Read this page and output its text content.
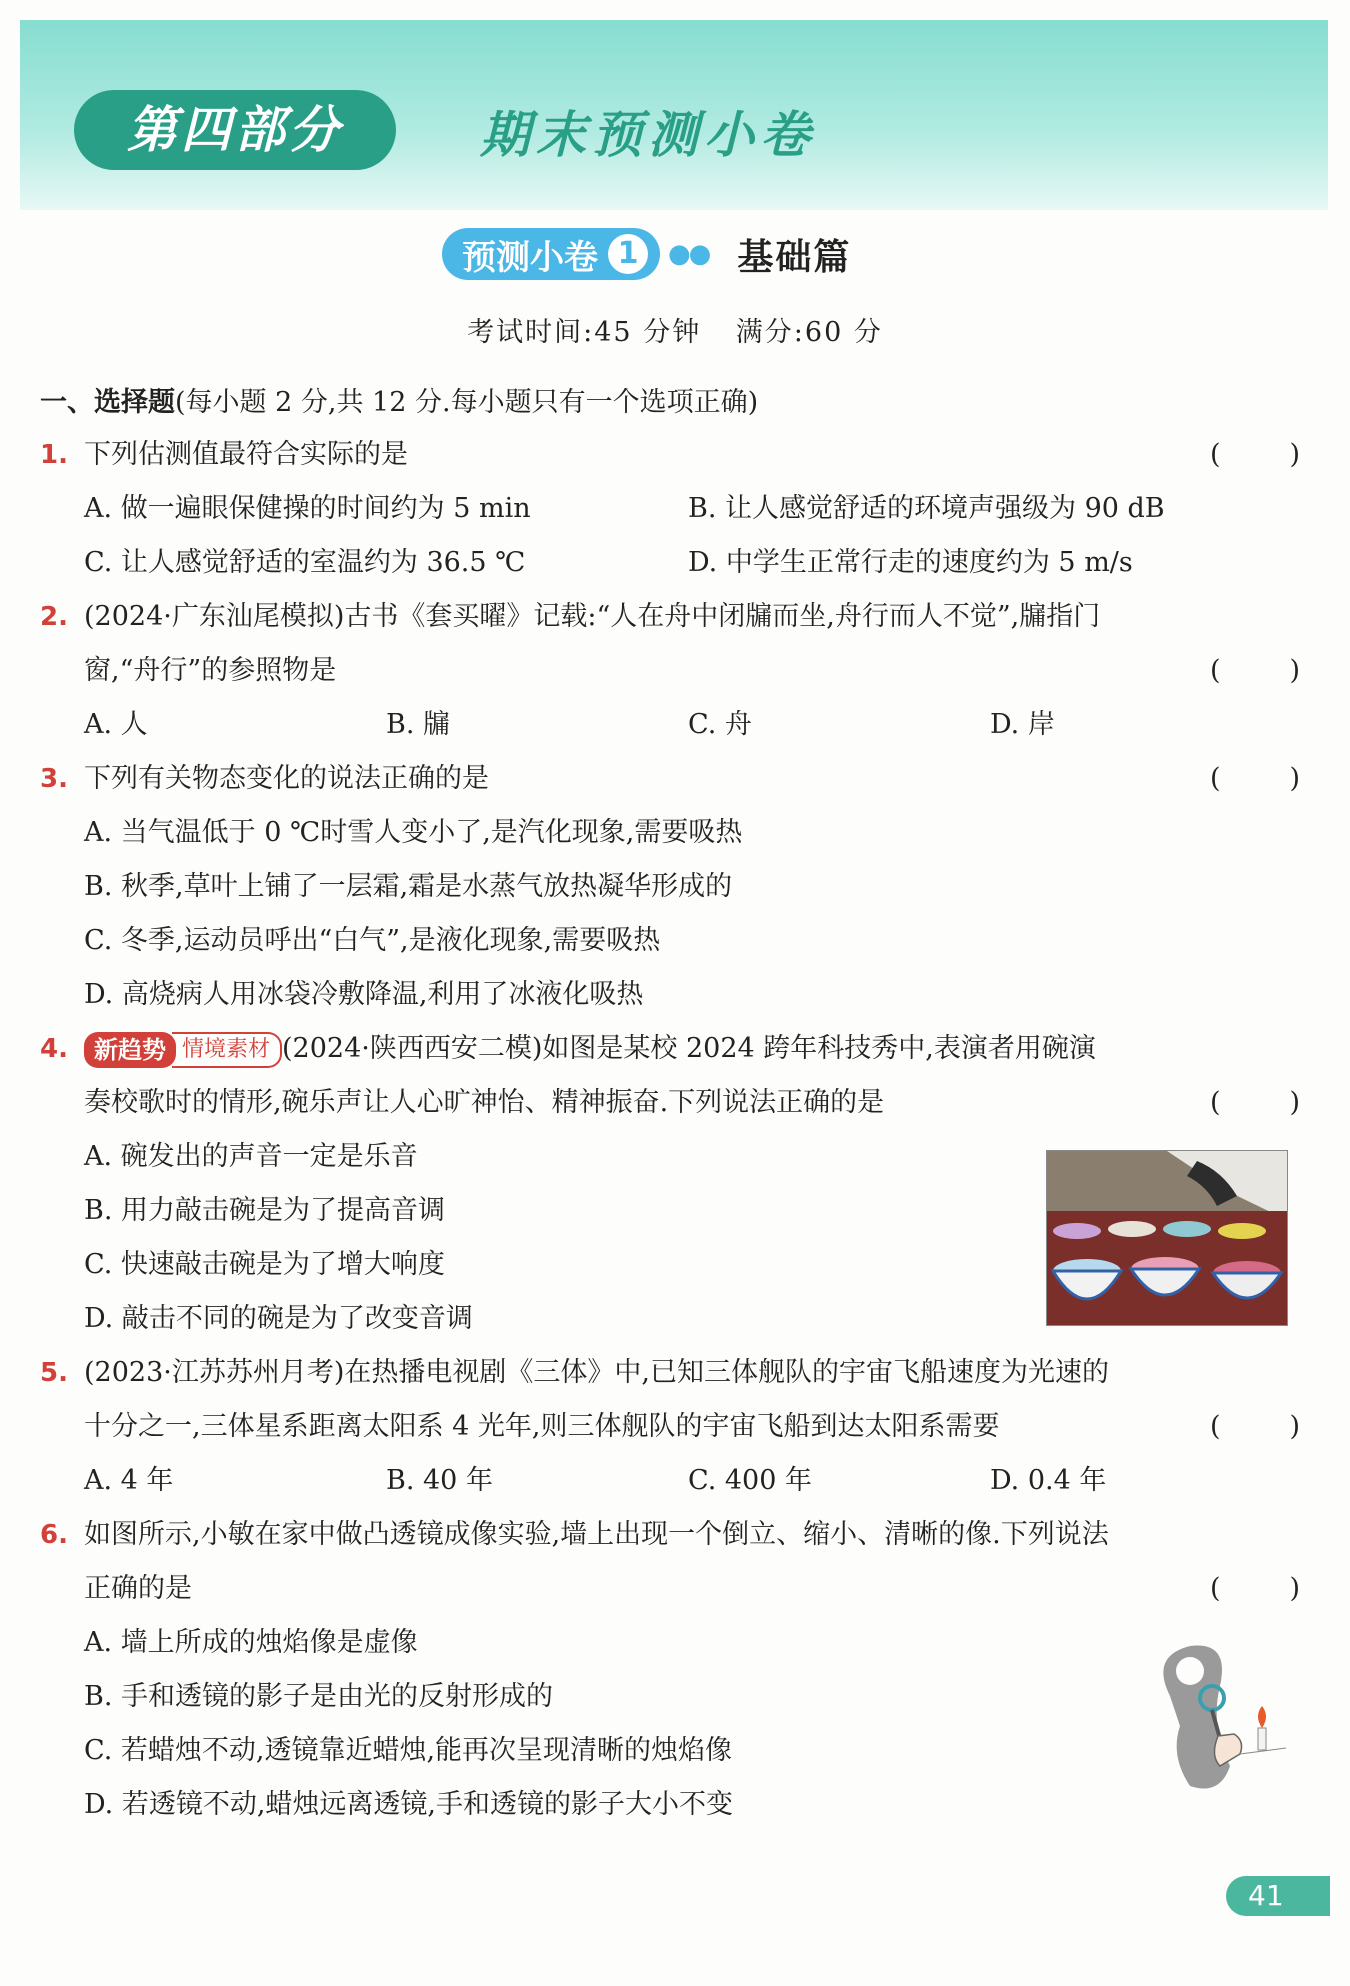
第四部分	期末预测小卷
预测小卷 1	●● 基础篇
考试时间:45 分钟 满分:60 分
一、选择题(每小题 2 分,共 12 分.每小题只有一个选项正确)
1. 下列估测值最符合实际的是
( )
A. 做一遍眼保健操的时间约为 5 min	B. 让人感觉舒适的环境声强级为 90 dB
C. 让人感觉舒适的室温约为 36.5 ℃	D. 中学生正常行走的速度约为 5 m/s
2. (2024·广东汕尾模拟)古书《套买曜》记载:“人在舟中闭牖而坐,舟行而人不觉”,牖指门
窗,“舟行”的参照物是
( )
A. 人	B. 牖	C. 舟	D. 岸
3. 下列有关物态变化的说法正确的是
( )
A. 当气温低于 0 ℃时雪人变小了,是汽化现象,需要吸热
B. 秋季,草叶上铺了一层霜,霜是水蒸气放热凝华形成的
C. 冬季,运动员呼出“白气”,是液化现象,需要吸热
D. 高烧病人用冰袋冷敷降温,利用了冰液化吸热
4.	新趋势 情境素材 (2024·陕西西安二模)如图是某校 2024 跨年科技秀中,表演者用碗演
奏校歌时的情形,碗乐声让人心旷神怡、精神振奋.下列说法正确的是
( )
A. 碗发出的声音一定是乐音
B. 用力敲击碗是为了提高音调
C. 快速敲击碗是为了增大响度
D. 敲击不同的碗是为了改变音调
5. (2023·江苏苏州月考)在热播电视剧《三体》中,已知三体舰队的宇宙飞船速度为光速的
十分之一,三体星系距离太阳系 4 光年,则三体舰队的宇宙飞船到达太阳系需要
( )
A. 4 年	B. 40 年	C. 400 年	D. 0.4 年
6. 如图所示,小敏在家中做凸透镜成像实验,墙上出现一个倒立、缩小、清晰的像.下列说法
正确的是
( )
A. 墙上所成的烛焰像是虚像
B. 手和透镜的影子是由光的反射形成的
C. 若蜡烛不动,透镜靠近蜡烛,能再次呈现清晰的烛焰像
D. 若透镜不动,蜡烛远离透镜,手和透镜的影子大小不变
41
